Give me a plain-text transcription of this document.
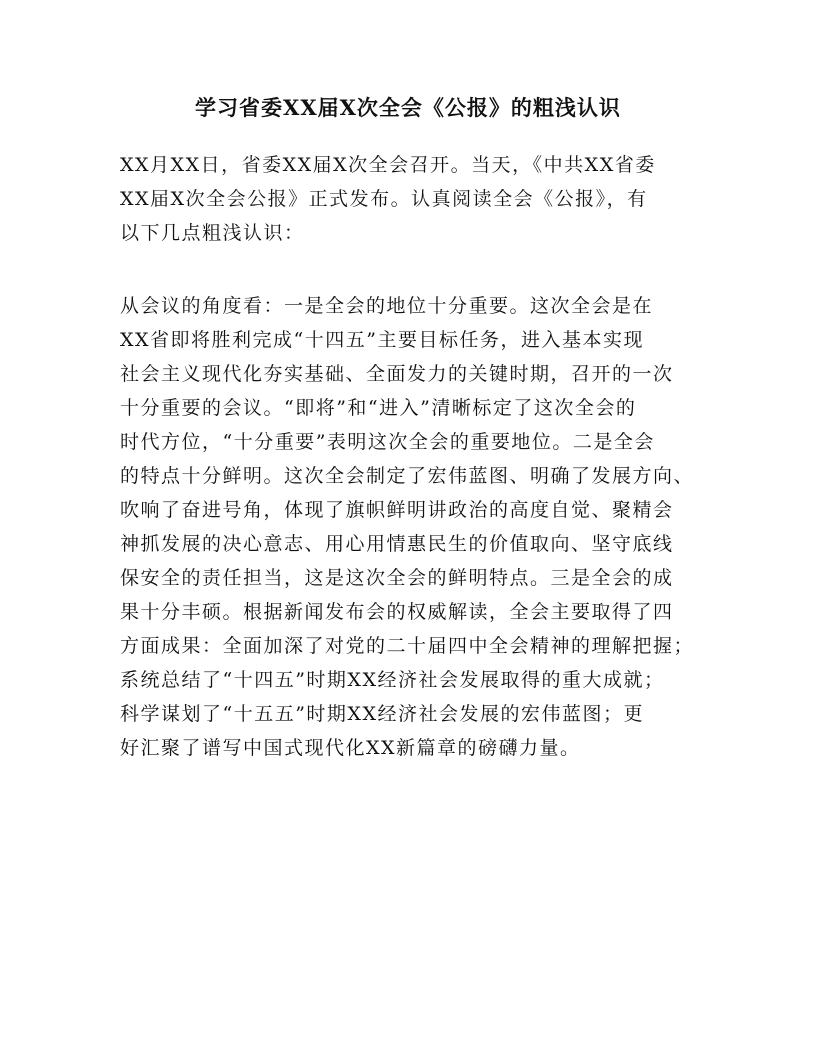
学习省委XX届X次全会《公报》的粗浅认识
XX月XX日，省委XX届X次全会召开。当天，《中共XX省委
XX届X次全会公报》正式发布。认真阅读全会《公报》，有
以下几点粗浅认识：
从会议的角度看：一是全会的地位十分重要。这次全会是在
XX省即将胜利完成“十四五”主要目标任务，进入基本实现
社会主义现代化夯实基础、全面发力的关键时期，召开的一次
十分重要的会议。“即将”和“进入”清晰标定了这次全会的
时代方位，“十分重要”表明这次全会的重要地位。二是全会
的特点十分鲜明。这次全会制定了宏伟蓝图、明确了发展方向、
吹响了奋进号角，体现了旗帜鲜明讲政治的高度自觉、聚精会
神抓发展的决心意志、用心用情惠民生的价值取向、坚守底线
保安全的责任担当，这是这次全会的鲜明特点。三是全会的成
果十分丰硕。根据新闻发布会的权威解读，全会主要取得了四
方面成果：全面加深了对党的二十届四中全会精神的理解把握；
系统总结了“十四五”时期XX经济社会发展取得的重大成就；
科学谋划了“十五五”时期XX经济社会发展的宏伟蓝图；更
好汇聚了谱写中国式现代化XX新篇章的磅礴力量。
